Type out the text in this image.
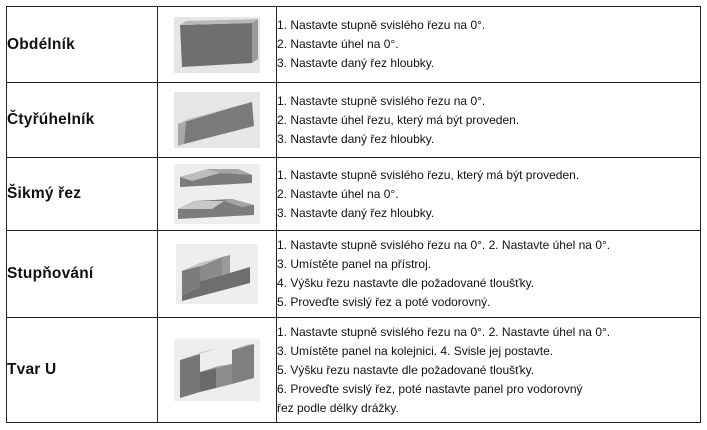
Obdélník		1. Nastavte stupně svislého řezu na 0°.
2. Nastavte úhel na 0°.
3. Nastavte daný řez hloubky.

Čtyřúhelník		1. Nastavte stupně svislého řezu na 0°.
2. Nastavte úhel řezu, který má být proveden.
3. Nastavte daný řez hloubky.

Šikmý řez		1. Nastavte stupně svislého řezu, který má být proveden.
2. Nastavte úhel na 0°.
3. Nastavte daný řez hloubky.

Stupňování		1. Nastavte stupně svislého řezu na 0°. 2. Nastavte úhel na 0°.
3. Umístěte panel na přístroj.
4. Výšku řezu nastavte dle požadované tloušťky.
5. Proveďte svislý řez a poté vodorovný.

Tvar U		1. Nastavte stupně svislého řezu na 0°. 2. Nastavte úhel na 0°.
3. Umístěte panel na kolejnici. 4. Svisle jej postavte.
5. Výšku řezu nastavte dle požadované tloušťky.
6. Proveďte svislý řez, poté nastavte panel pro vodorovný
řez podle délky drážky.
